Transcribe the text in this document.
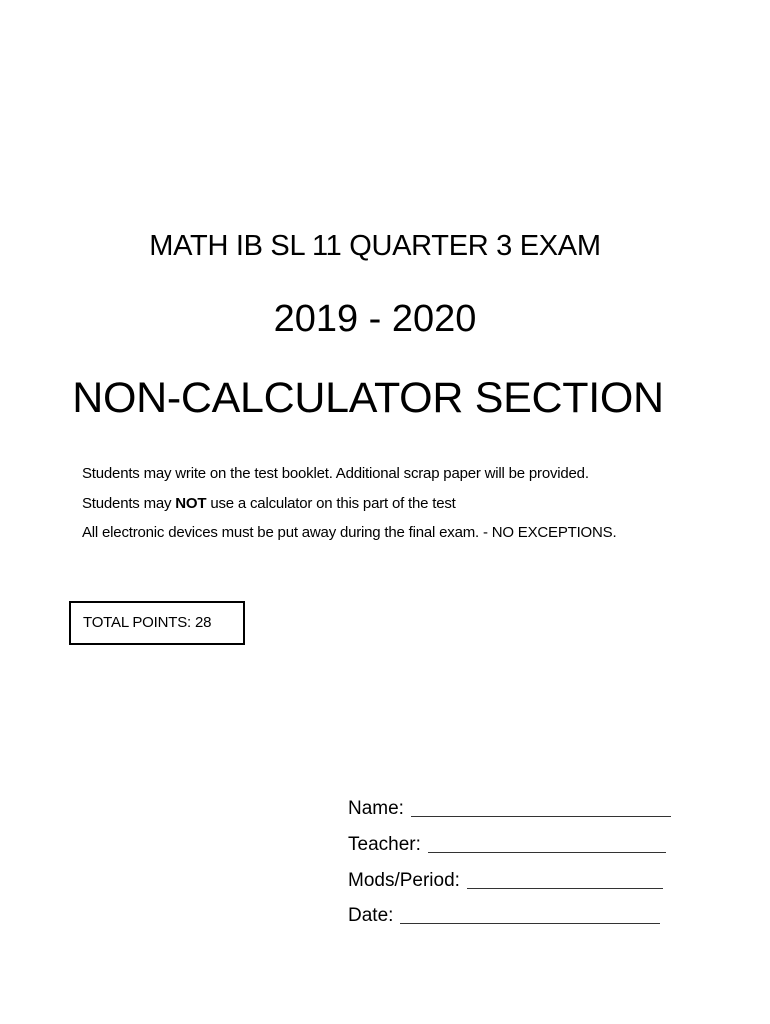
MATH IB SL 11 QUARTER 3 EXAM
2019 - 2020
NON-CALCULATOR SECTION
Students may write on the test booklet. Additional scrap paper will be provided.
Students may NOT use a calculator on this part of the test
All electronic devices must be put away during the final exam. - NO EXCEPTIONS.
TOTAL POINTS: 28
Name:
Teacher:
Mods/Period:
Date:
